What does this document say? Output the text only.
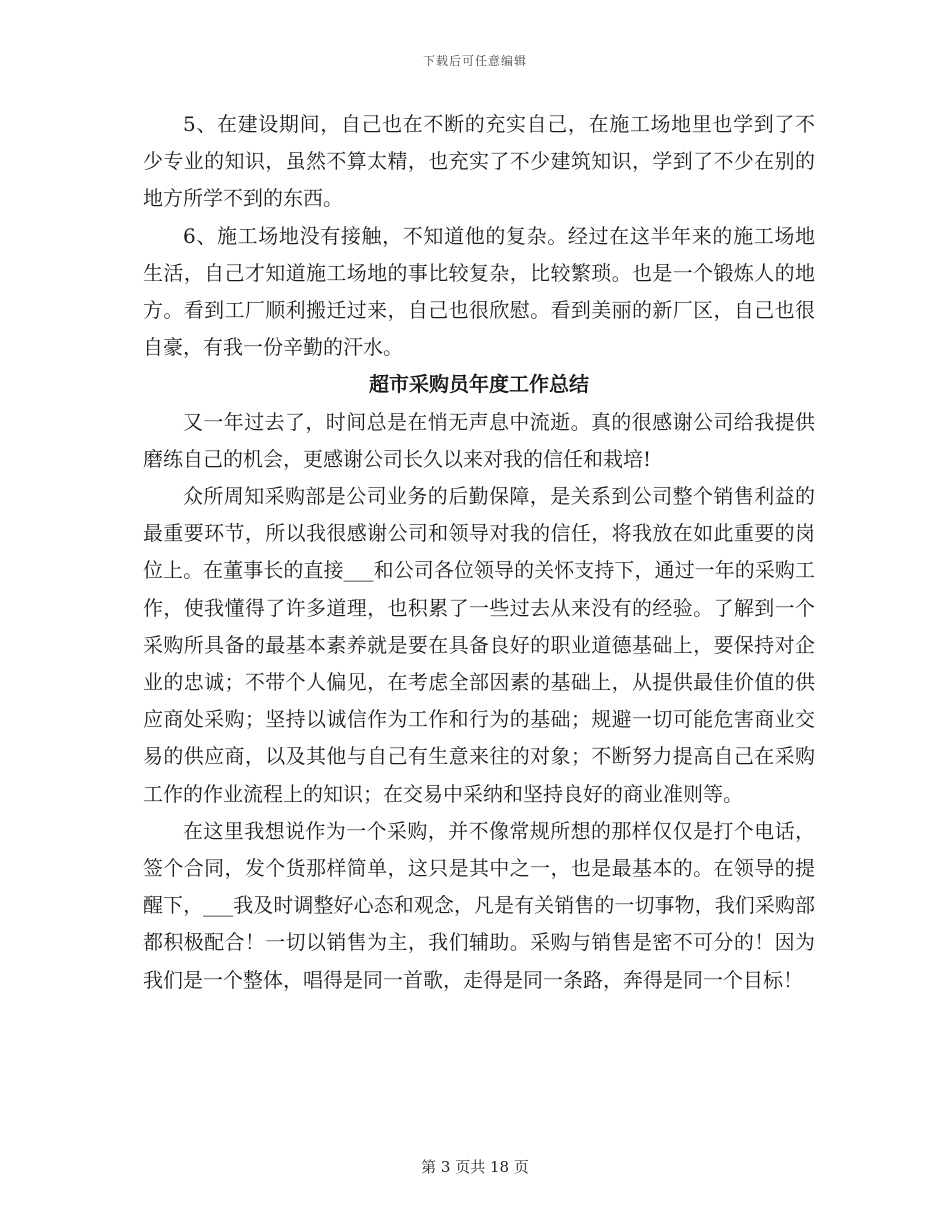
下载后可任意编辑

5、在建设期间，自己也在不断的充实自己，在施工场地里也学到了不少专业的知识，虽然不算太精，也充实了不少建筑知识，学到了不少在别的地方所学不到的东西。

6、施工场地没有接触，不知道他的复杂。经过在这半年来的施工场地生活，自己才知道施工场地的事比较复杂，比较繁琐。也是一个锻炼人的地方。看到工厂顺利搬迁过来，自己也很欣慰。看到美丽的新厂区，自己也很自豪，有我一份辛勤的汗水。

超市采购员年度工作总结

又一年过去了，时间总是在悄无声息中流逝。真的很感谢公司给我提供磨练自己的机会，更感谢公司长久以来对我的信任和栽培!

众所周知采购部是公司业务的后勤保障，是关系到公司整个销售利益的最重要环节，所以我很感谢公司和领导对我的信任，将我放在如此重要的岗位上。在董事长的直接___和公司各位领导的关怀支持下，通过一年的采购工作，使我懂得了许多道理，也积累了一些过去从来没有的经验。了解到一个采购所具备的最基本素养就是要在具备良好的职业道德基础上，要保持对企业的忠诚；不带个人偏见，在考虑全部因素的基础上，从提供最佳价值的供应商处采购；坚持以诚信作为工作和行为的基础；规避一切可能危害商业交易的供应商，以及其他与自己有生意来往的对象；不断努力提高自己在采购工作的作业流程上的知识；在交易中采纳和坚持良好的商业准则等。

在这里我想说作为一个采购，并不像常规所想的那样仅仅是打个电话，签个合同，发个货那样简单，这只是其中之一，也是最基本的。在领导的提醒下，___我及时调整好心态和观念，凡是有关销售的一切事物，我们采购部都积极配合！一切以销售为主，我们辅助。采购与销售是密不可分的！因为我们是一个整体，唱得是同一首歌，走得是同一条路，奔得是同一个目标！

第 3 页共 18 页
